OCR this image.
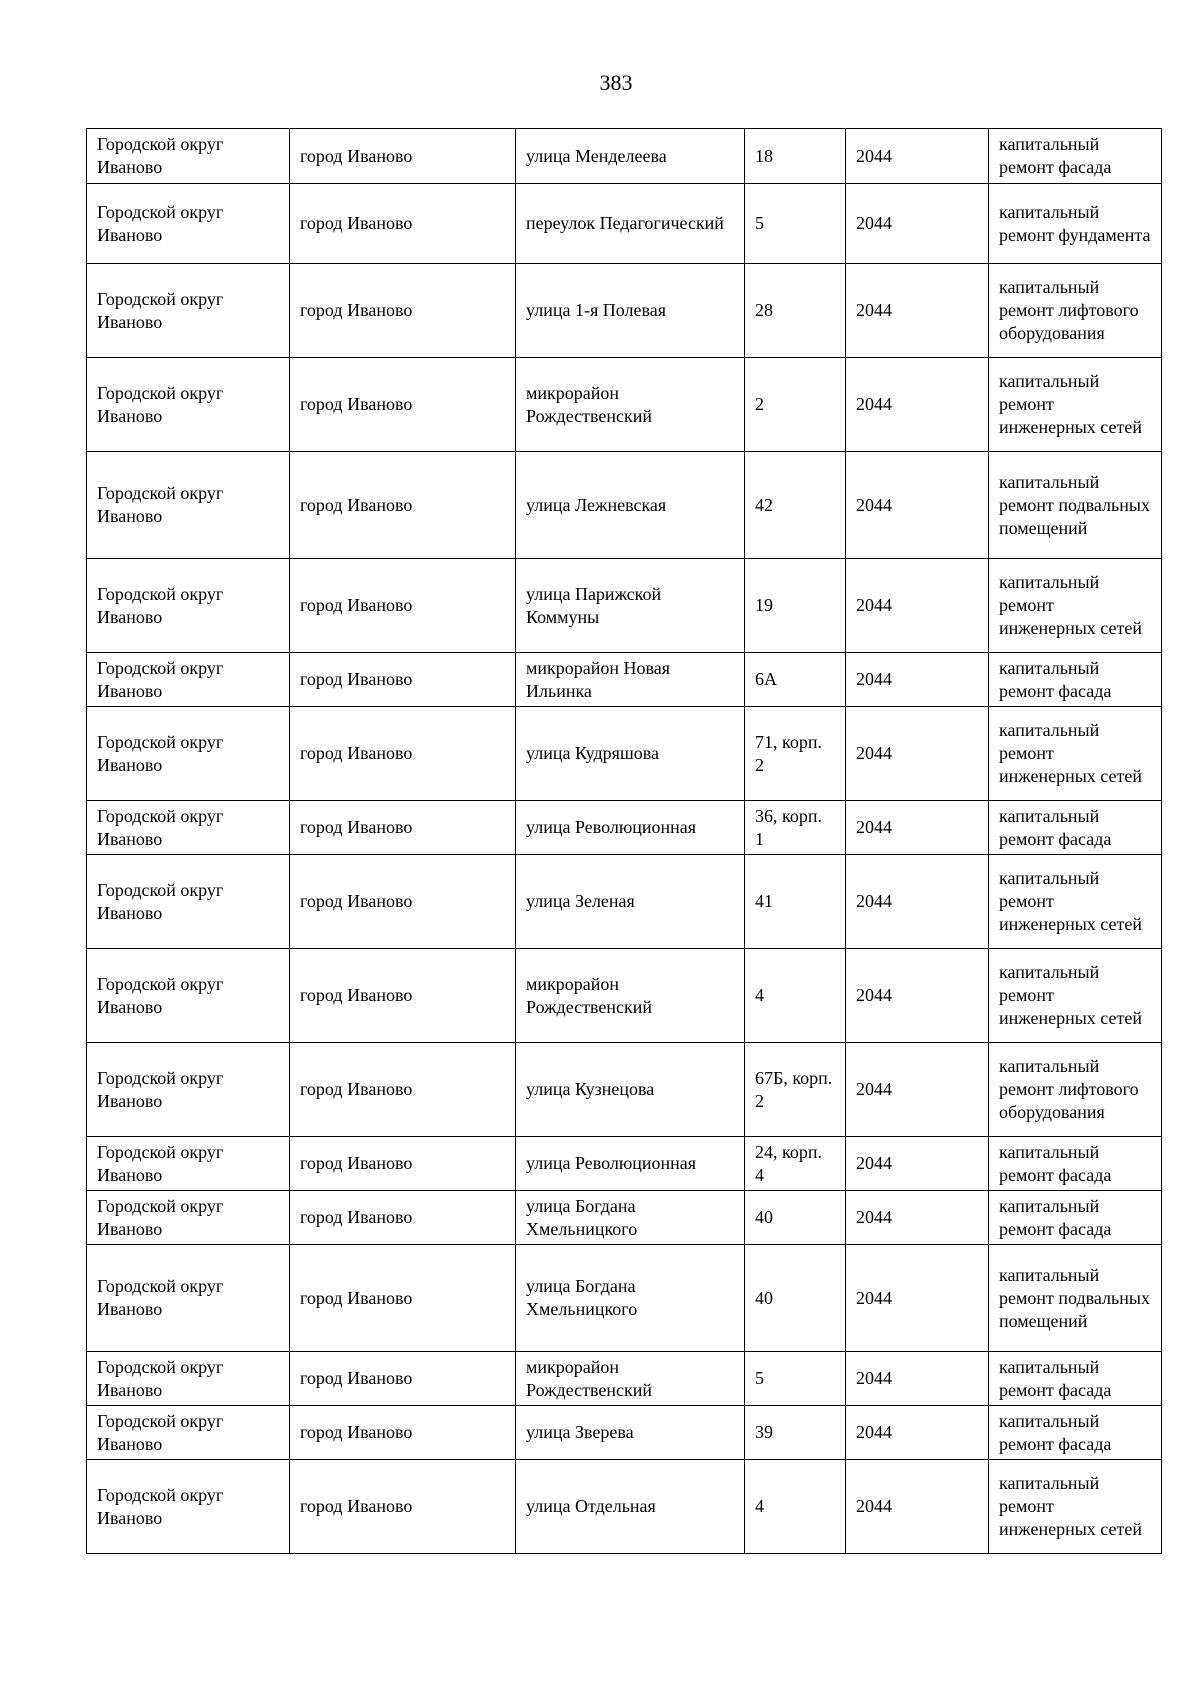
383
Городской округ Иваново	город Иваново	улица Менделеева	18	2044	капитальный ремонт фасада
Городской округ Иваново	город Иваново	переулок Педагогический	5	2044	капитальный ремонт фундамента
Городской округ Иваново	город Иваново	улица 1-я Полевая	28	2044	капитальный ремонт лифтового оборудования
Городской округ Иваново	город Иваново	микрорайон Рождественский	2	2044	капитальный ремонт инженерных сетей
Городской округ Иваново	город Иваново	улица Лежневская	42	2044	капитальный ремонт подвальных помещений
Городской округ Иваново	город Иваново	улица Парижской Коммуны	19	2044	капитальный ремонт инженерных сетей
Городской округ Иваново	город Иваново	микрорайон Новая Ильинка	6А	2044	капитальный ремонт фасада
Городской округ Иваново	город Иваново	улица Кудряшова	71, корп. 2	2044	капитальный ремонт инженерных сетей
Городской округ Иваново	город Иваново	улица Революционная	36, корп. 1	2044	капитальный ремонт фасада
Городской округ Иваново	город Иваново	улица Зеленая	41	2044	капитальный ремонт инженерных сетей
Городской округ Иваново	город Иваново	микрорайон Рождественский	4	2044	капитальный ремонт инженерных сетей
Городской округ Иваново	город Иваново	улица Кузнецова	67Б, корп. 2	2044	капитальный ремонт лифтового оборудования
Городской округ Иваново	город Иваново	улица Революционная	24, корп. 4	2044	капитальный ремонт фасада
Городской округ Иваново	город Иваново	улица Богдана Хмельницкого	40	2044	капитальный ремонт фасада
Городской округ Иваново	город Иваново	улица Богдана Хмельницкого	40	2044	капитальный ремонт подвальных помещений
Городской округ Иваново	город Иваново	микрорайон Рождественский	5	2044	капитальный ремонт фасада
Городской округ Иваново	город Иваново	улица Зверева	39	2044	капитальный ремонт фасада
Городской округ Иваново	город Иваново	улица Отдельная	4	2044	капитальный ремонт инженерных сетей
